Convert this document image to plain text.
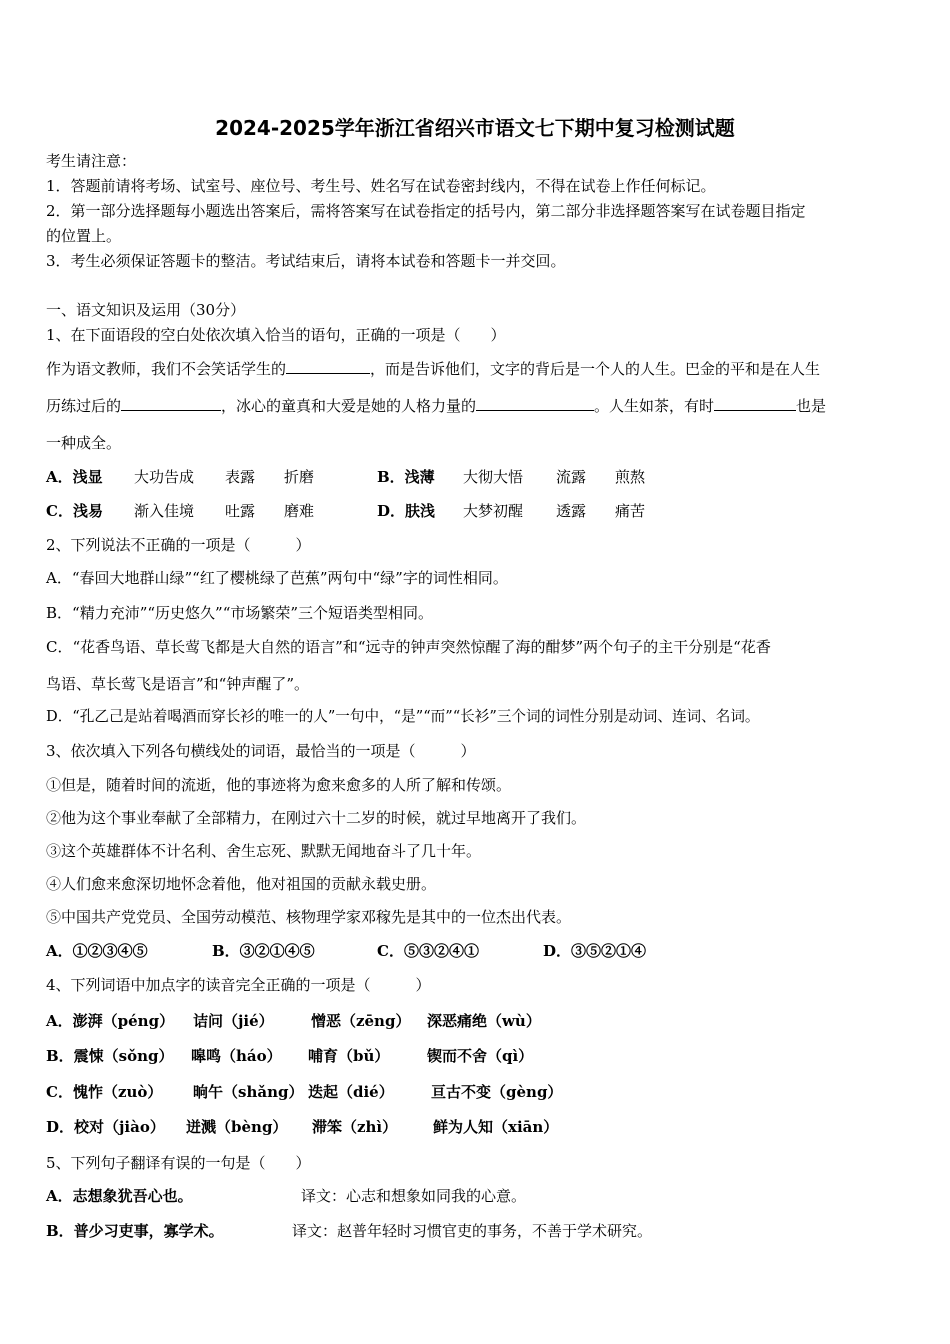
2024-2025学年浙江省绍兴市语文七下期中复习检测试题
考生请注意：
1．答题前请将考场、试室号、座位号、考生号、姓名写在试卷密封线内，不得在试卷上作任何标记。
2．第一部分选择题每小题选出答案后，需将答案写在试卷指定的括号内，第二部分非选择题答案写在试卷题目指定
的位置上。
3．考生必须保证答题卡的整洁。考试结束后，请将本试卷和答题卡一并交回。
一、语文知识及运用（30分）
1、在下面语段的空白处依次填入恰当的语句，正确的一项是（　　）
作为语文教师，我们不会笑话学生的	，而是告诉他们，文字的背后是一个人的人生。巴金的平和是在人生
历练过后的	，冰心的童真和大爱是她的人格力量的	。人生如茶，有时	也是
一种成全。
A．浅显 大功告成 表露 折磨	B．浅薄 大彻大悟 流露 煎熬
C．浅易 渐入佳境 吐露 磨难	D．肤浅 大梦初醒 透露 痛苦
2、下列说法不正确的一项是（　　　）
A．“春回大地群山绿”“红了樱桃绿了芭蕉”两句中“绿”字的词性相同。
B．“精力充沛”“历史悠久”“市场繁荣”三个短语类型相同。
C．“花香鸟语、草长莺飞都是大自然的语言”和“远寺的钟声突然惊醒了海的酣梦”两个句子的主干分别是“花香
鸟语、草长莺飞是语言”和“钟声醒了”。
D．“孔乙己是站着喝酒而穿长衫的唯一的人”一句中，“是”“而”“长衫”三个词的词性分别是动词、连词、名词。
3、依次填入下列各句横线处的词语，最恰当的一项是（　　　）
①但是，随着时间的流逝，他的事迹将为愈来愈多的人所了解和传颂。
②他为这个事业奉献了全部精力，在刚过六十二岁的时候，就过早地离开了我们。
③这个英雄群体不计名利、舍生忘死、默默无闻地奋斗了几十年。
④人们愈来愈深切地怀念着他，他对祖国的贡献永载史册。
⑤中国共产党党员、全国劳动模范、核物理学家邓稼先是其中的一位杰出代表。
A．①②③④⑤	B．③②①④⑤	C．⑤③②④①	D．③⑤②①④
4、下列词语中加点字的读音完全正确的一项是（　　　）
A．澎湃（péng） 诘问（jié） 憎恶（zēng） 深恶痛绝（wù）
B．震悚（sǒng） 嗥鸣（háo） 哺育（bǔ）	锲而不舍（qì）
C．愧怍（zuò） 晌午（shǎng） 迭起（dié） 亘古不变（gèng）
D．校对（jiào） 迸溅（bèng） 滞笨（zhì） 鲜为人知（xiān）
5、下列句子翻译有误的一句是（　　）
A．志想象犹吾心也。	译文：心志和想象如同我的心意。
B．普少习吏事，寡学术。	译文：赵普年轻时习惯官吏的事务，不善于学术研究。
